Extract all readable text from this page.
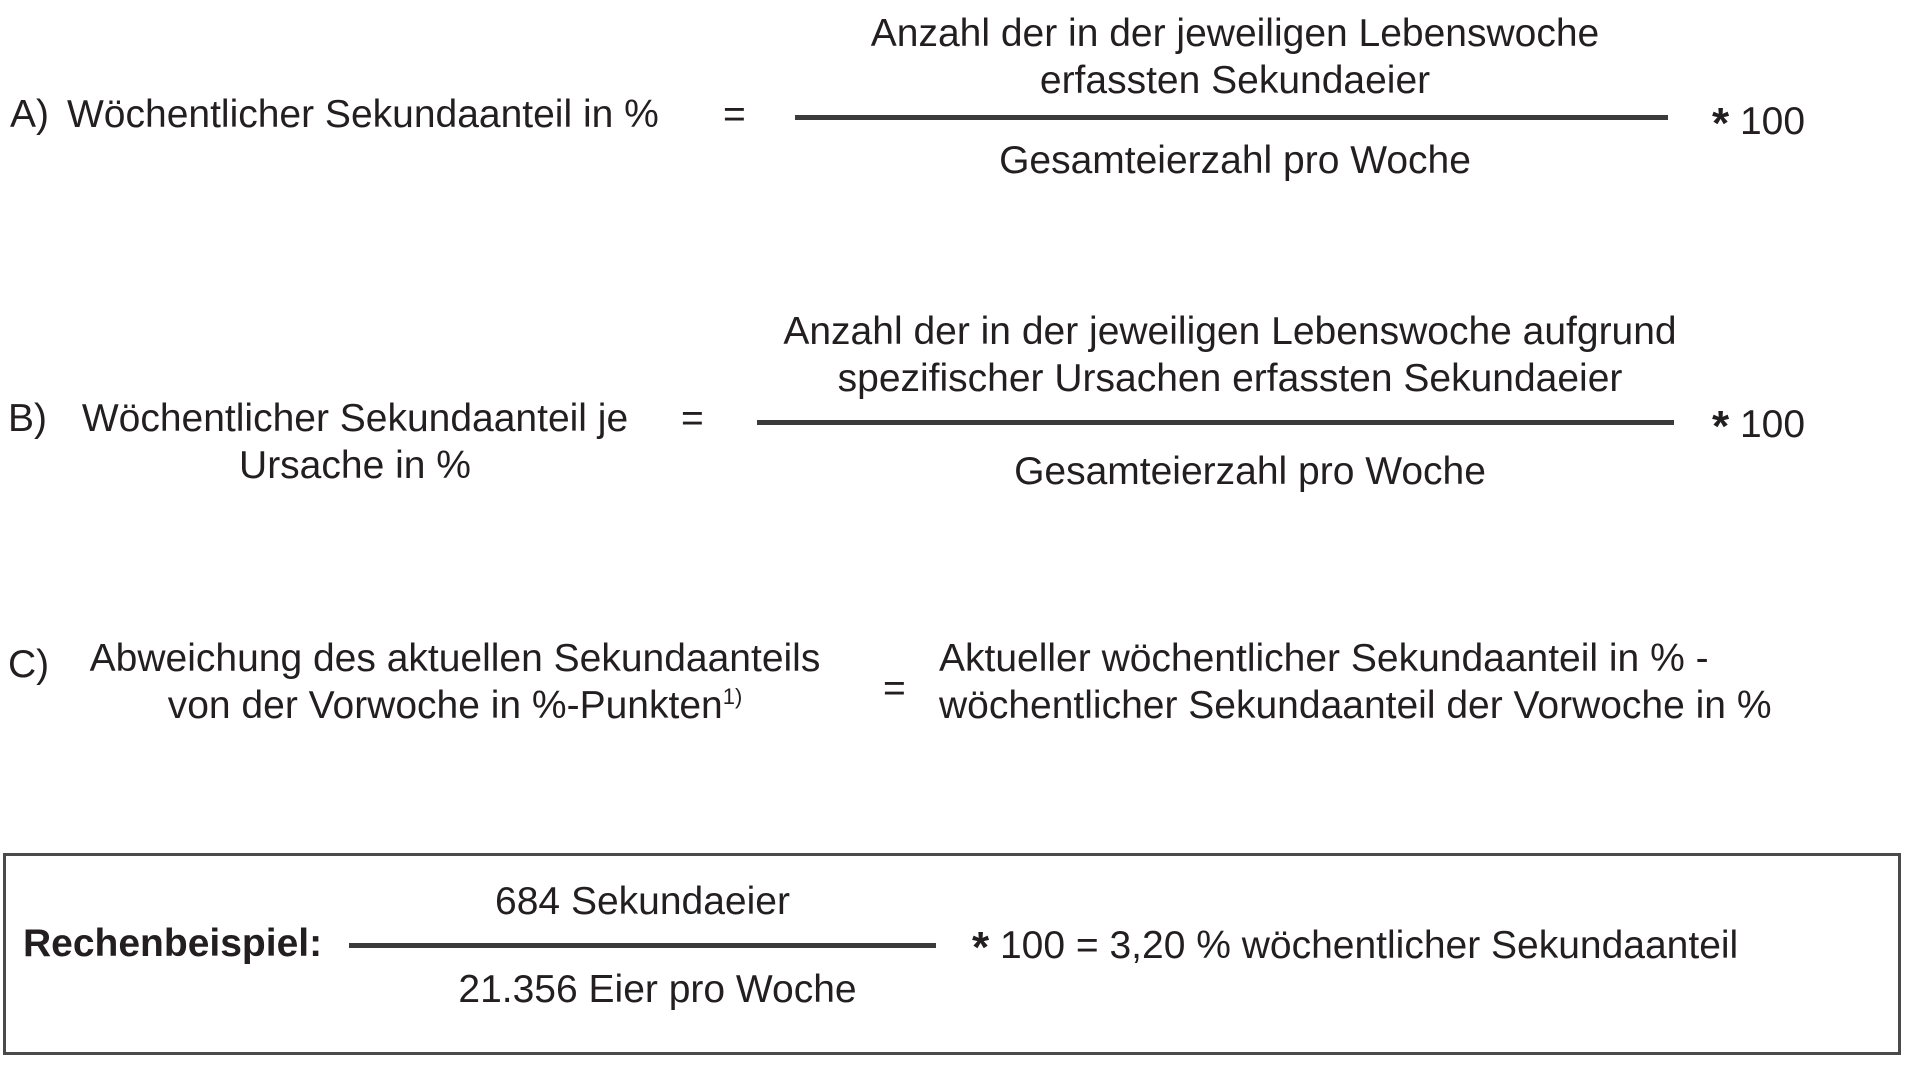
A) Wöchentlicher Sekundaanteil in % =
Anzahl der in der jeweiligen Lebenswoche
erfassten Sekundaeier
Gesamteierzahl pro Woche
* 100
B) Wöchentlicher Sekundaanteil je
Ursache in %
=
Anzahl der in der jeweiligen Lebenswoche aufgrund
spezifischer Ursachen erfassten Sekundaeier
Gesamteierzahl pro Woche
* 100
C)	Abweichung des aktuellen Sekundaanteils
von der Vorwoche in %-Punkten$^{1)}$	=
Aktueller wöchentlicher Sekundaanteil in % -
wöchentlicher Sekundaanteil der Vorwoche in %
Rechenbeispiel:
684 Sekundaeier
21.356 Eier pro Woche
* 100 = 3,20 % wöchentlicher Sekundaanteil
